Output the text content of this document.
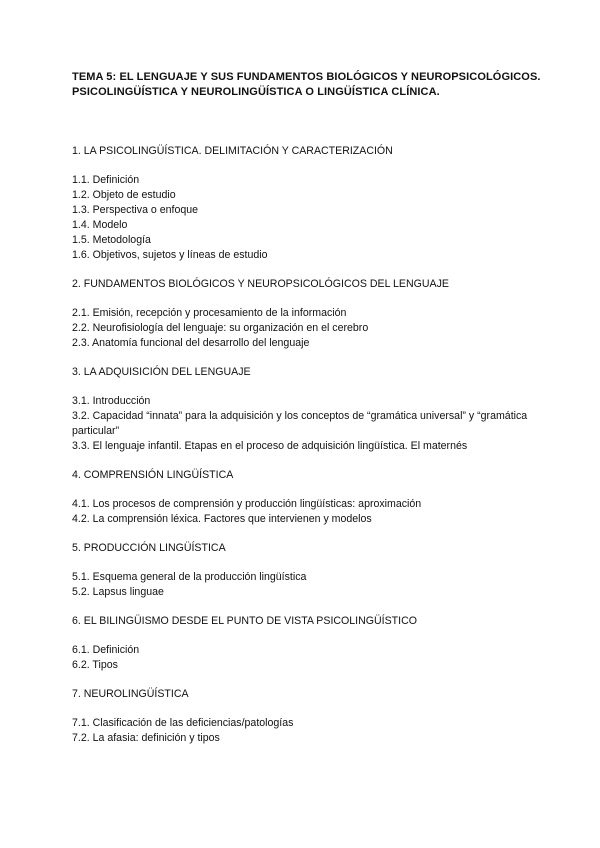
TEMA 5: EL LENGUAJE Y SUS FUNDAMENTOS BIOLÓGICOS Y NEUROPSICOLÓGICOS. PSICOLINGÜÍSTICA Y NEUROLINGÜÍSTICA O LINGÜÍSTICA CLÍNICA.

1. LA PSICOLINGÜÍSTICA. DELIMITACIÓN Y CARACTERIZACIÓN

1.1. Definición

1.2. Objeto de estudio

1.3. Perspectiva o enfoque

1.4. Modelo

1.5. Metodología

1.6. Objetivos, sujetos y líneas de estudio

2. FUNDAMENTOS BIOLÓGICOS Y NEUROPSICOLÓGICOS DEL LENGUAJE

2.1. Emisión, recepción y procesamiento de la información

2.2. Neurofisiología del lenguaje: su organización en el cerebro

2.3. Anatomía funcional del desarrollo del lenguaje

3. LA ADQUISICIÓN DEL LENGUAJE

3.1. Introducción

3.2. Capacidad “innata” para la adquisición y los conceptos de “gramática universal” y “gramática particular”

3.3. El lenguaje infantil. Etapas en el proceso de adquisición lingüística. El maternés

4. COMPRENSIÓN LINGÜÍSTICA

4.1. Los procesos de comprensión y producción lingüísticas: aproximación

4.2. La comprensión léxica. Factores que intervienen y modelos

5. PRODUCCIÓN LINGÜÍSTICA

5.1. Esquema general de la producción lingüística

5.2. Lapsus linguae

6. EL BILINGÜISMO DESDE EL PUNTO DE VISTA PSICOLINGÜÍSTICO

6.1. Definición

6.2. Tipos

7. NEUROLINGÜÍSTICA

7.1. Clasificación de las deficiencias/patologías

7.2. La afasia: definición y tipos
